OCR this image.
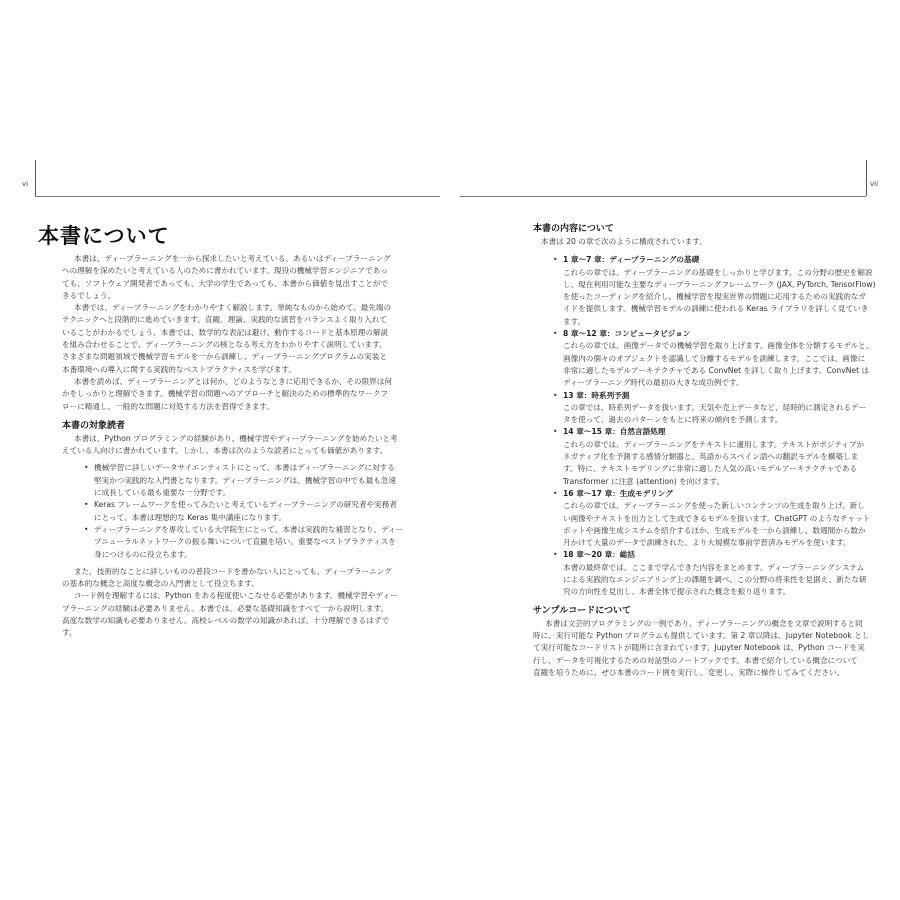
vi	vii
本書について
本書は、ディープラーニングを一から探求したいと考えている、あるいはディープラーニング
への理解を深めたいと考えている人のために書かれています。現役の機械学習エンジニアであっ
ても、ソフトウェア開発者であっても、大学の学生であっても、本書から価値を見出すことがで
きるでしょう。
本書では、ディープラーニングをわかりやすく解説します。単純なものから始めて、最先端の
テクニックへと段階的に進めていきます。直観、理論、実践的な演習をバランスよく取り入れて
いることがわかるでしょう。本書では、数学的な表記は避け、動作するコードと基本原理の解説
を組み合わせることで、ディープラーニングの核となる考え方をわかりやすく説明しています。
さまざまな問題領域で機械学習モデルを一から訓練し、ディープラーニングプログラムの実装と
本番環境への導入に関する実践的なベストプラクティスを学びます。
本書を読めば、ディープラーニングとは何か、どのようなときに応用できるか、その限界は何
かをしっかりと理解できます。機械学習の問題へのアプローチと解決のための標準的なワークフ
ローに精通し、一般的な問題に対処する方法を習得できます。
本書の対象読者
本書は、Python プログラミングの経験があり、機械学習やディープラーニングを始めたいと考
えている人向けに書かれています。しかし、本書は次のような読者にとっても価値があります。
• 機械学習に詳しいデータサイエンティストにとって、本書はディープラーニングに対する
堅実かつ実践的な入門書となります。ディープラーニングは、機械学習の中でも最も急速
に成長している最も重要な一分野です。
• Keras フレームワークを使ってみたいと考えているディープラーニングの研究者や実務者
にとって、本書は理想的な Keras 集中講座になります。
• ディープラーニングを専攻している大学院生にとって、本書は実践的な補習となり、ディー
プニューラルネットワークの振る舞いについて直観を培い、重要なベストプラクティスを
身につけるのに役立ちます。
また、技術的なことに詳しいものの普段コードを書かない人にとっても、ディープラーニング
の基本的な概念と高度な概念の入門書として役立ちます。
コード例を理解するには、Python をある程度使いこなせる必要があります。機械学習やディー
プラーニングの経験は必要ありません。本書では、必要な基礎知識をすべて一から説明します。
高度な数学の知識も必要ありません。高校レベルの数学の知識があれば、十分理解できるはずで
す。
本書の内容について
本書は 20 の章で次のように構成されています。
• 1 章〜7 章：ディープラーニングの基礎
これらの章では、ディープラーニングの基礎をしっかりと学びます。この分野の歴史を解説
し、現在利用可能な主要なディープラーニングフレームワーク (JAX, PyTorch, TensorFlow)
を使ったコーディングを紹介し、機械学習を現実世界の問題に応用するための実践的なガ
イドを提供します。機械学習モデルの訓練に使われる Keras ライブラリを詳しく見ていき
ます。
• 8 章〜12 章：コンピュータビジョン
これらの章では、画像データでの機械学習を取り上げます。画像全体を分類するモデルと、
画像内の個々のオブジェクトを認識して分離するモデルを訓練します。ここでは、画像に
非常に適したモデルアーキテクチャである ConvNet を詳しく取り上げます。ConvNet は
ディープラーニング時代の最初の大きな成功例です。
• 13 章：時系列予測
この章では、時系列データを扱います。天気や売上データなど、経時的に測定されるデー
タを使って、過去のパターンをもとに将来の傾向を予測します。
• 14 章〜15 章：自然言語処理
これらの章では、ディープラーニングをテキストに適用します。テキストがポジティブか
ネガティブ化を予測する感情分類器と、英語からスペイン語への翻訳モデルを構築しま
す。特に、テキストモデリングに非常に適した人気の高いモデルアーキテクチャである
Transformer に注意 (attention) を向けます。
• 16 章〜17 章：生成モデリング
これらの章では、ディープラーニングを使った新しいコンテンツの生成を取り上げ、新し
い画像やテキストを出力として生成できるモデルを扱います。ChatGPT のようなチャット
ボットや画像生成システムを紹介するほか、生成モデルを一から訓練し、数週間から数か
月かけて大量のデータで訓練された、より大規模な事前学習済みモデルを使います。
• 18 章〜20 章：総括
本書の最終章では、ここまで学んできた内容をまとめます。ディープラーニングシステム
による実践的なエンジニアリング上の課題を調べ、この分野の将来性を見据え、新たな研
究の方向性を見出し、本書全体で提示された概念を振り返ります。
サンプルコードについて
本書は文芸的プログラミングの一例であり、ディープラーニングの概念を文章で説明すると同
時に、実行可能な Python プログラムも提供しています。第 2 章以降は、Jupyter Notebook とし
て実行可能なコードリストが随所に含まれています。Jupyter Notebook は、Python コードを実
行し、データを可視化するための対話型のノートブックです。本書で紹介している概念について
直観を培うために、ぜひ本書のコード例を実行し、変更し、実際に操作してみてください。
